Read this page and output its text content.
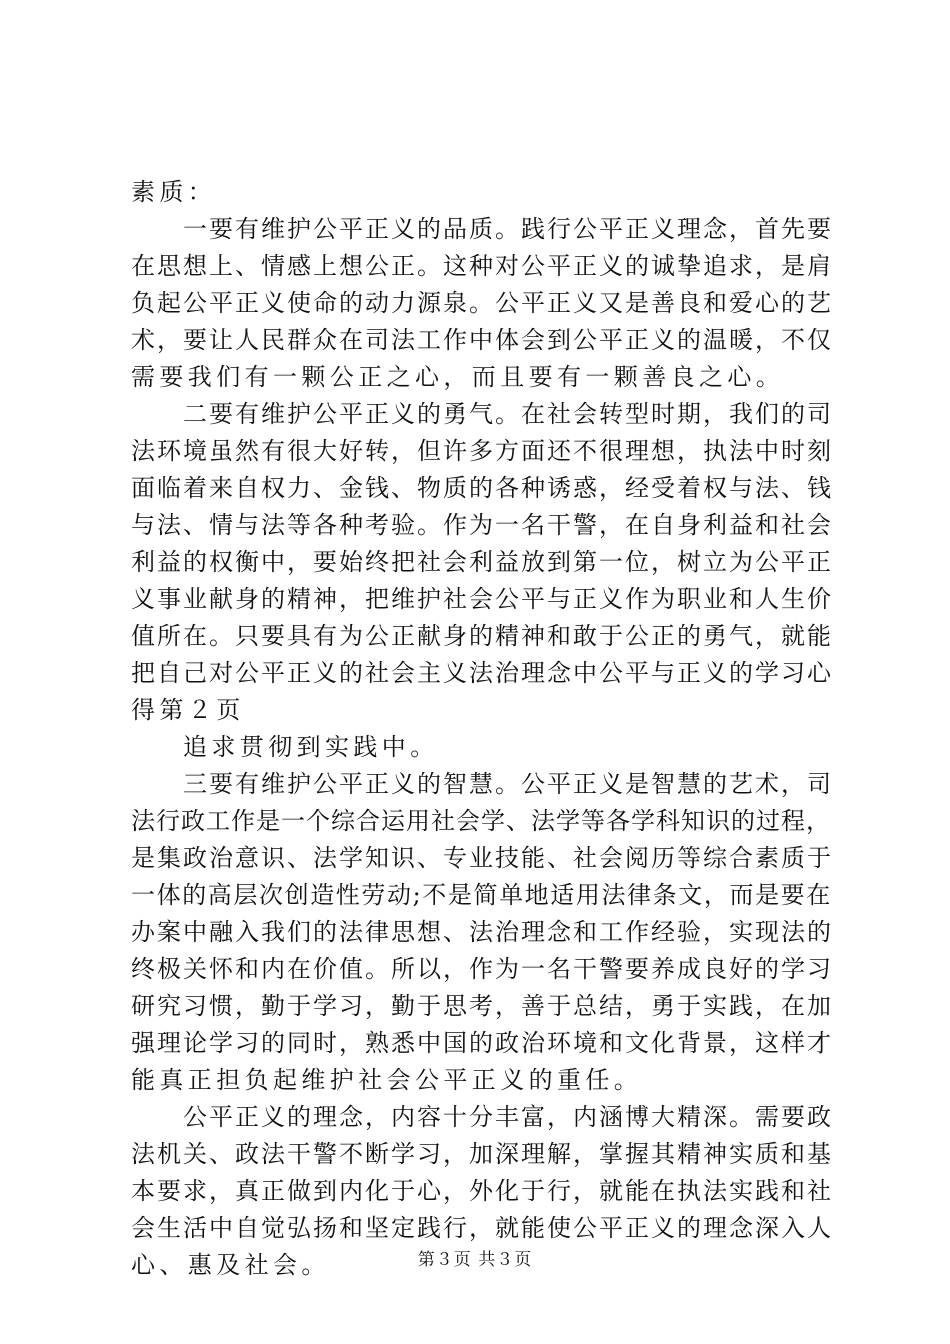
素质：
一要有维护公平正义的品质。践行公平正义理念，首先要
在思想上、情感上想公正。这种对公平正义的诚挚追求，是肩
负起公平正义使命的动力源泉。公平正义又是善良和爱心的艺
术，要让人民群众在司法工作中体会到公平正义的温暖，不仅
需要我们有一颗公正之心，而且要有一颗善良之心。
二要有维护公平正义的勇气。在社会转型时期，我们的司
法环境虽然有很大好转，但许多方面还不很理想，执法中时刻
面临着来自权力、金钱、物质的各种诱惑，经受着权与法、钱
与法、情与法等各种考验。作为一名干警，在自身利益和社会
利益的权衡中，要始终把社会利益放到第一位，树立为公平正
义事业献身的精神，把维护社会公平与正义作为职业和人生价
值所在。只要具有为公正献身的精神和敢于公正的勇气，就能
把自己对公平正义的社会主义法治理念中公平与正义的学习心
得第２页
追求贯彻到实践中。
三要有维护公平正义的智慧。公平正义是智慧的艺术，司
法行政工作是一个综合运用社会学、法学等各学科知识的过程，
是集政治意识、法学知识、专业技能、社会阅历等综合素质于
一体的高层次创造性劳动;不是简单地适用法律条文，而是要在
办案中融入我们的法律思想、法治理念和工作经验，实现法的
终极关怀和内在价值。所以，作为一名干警要养成良好的学习
研究习惯，勤于学习，勤于思考，善于总结，勇于实践，在加
强理论学习的同时，熟悉中国的政治环境和文化背景，这样才
能真正担负起维护社会公平正义的重任。
公平正义的理念，内容十分丰富，内涵博大精深。需要政
法机关、政法干警不断学习，加深理解，掌握其精神实质和基
本要求，真正做到内化于心，外化于行，就能在执法实践和社
会生活中自觉弘扬和坚定践行，就能使公平正义的理念深入人
心、惠及社会。	第３页 共３页
